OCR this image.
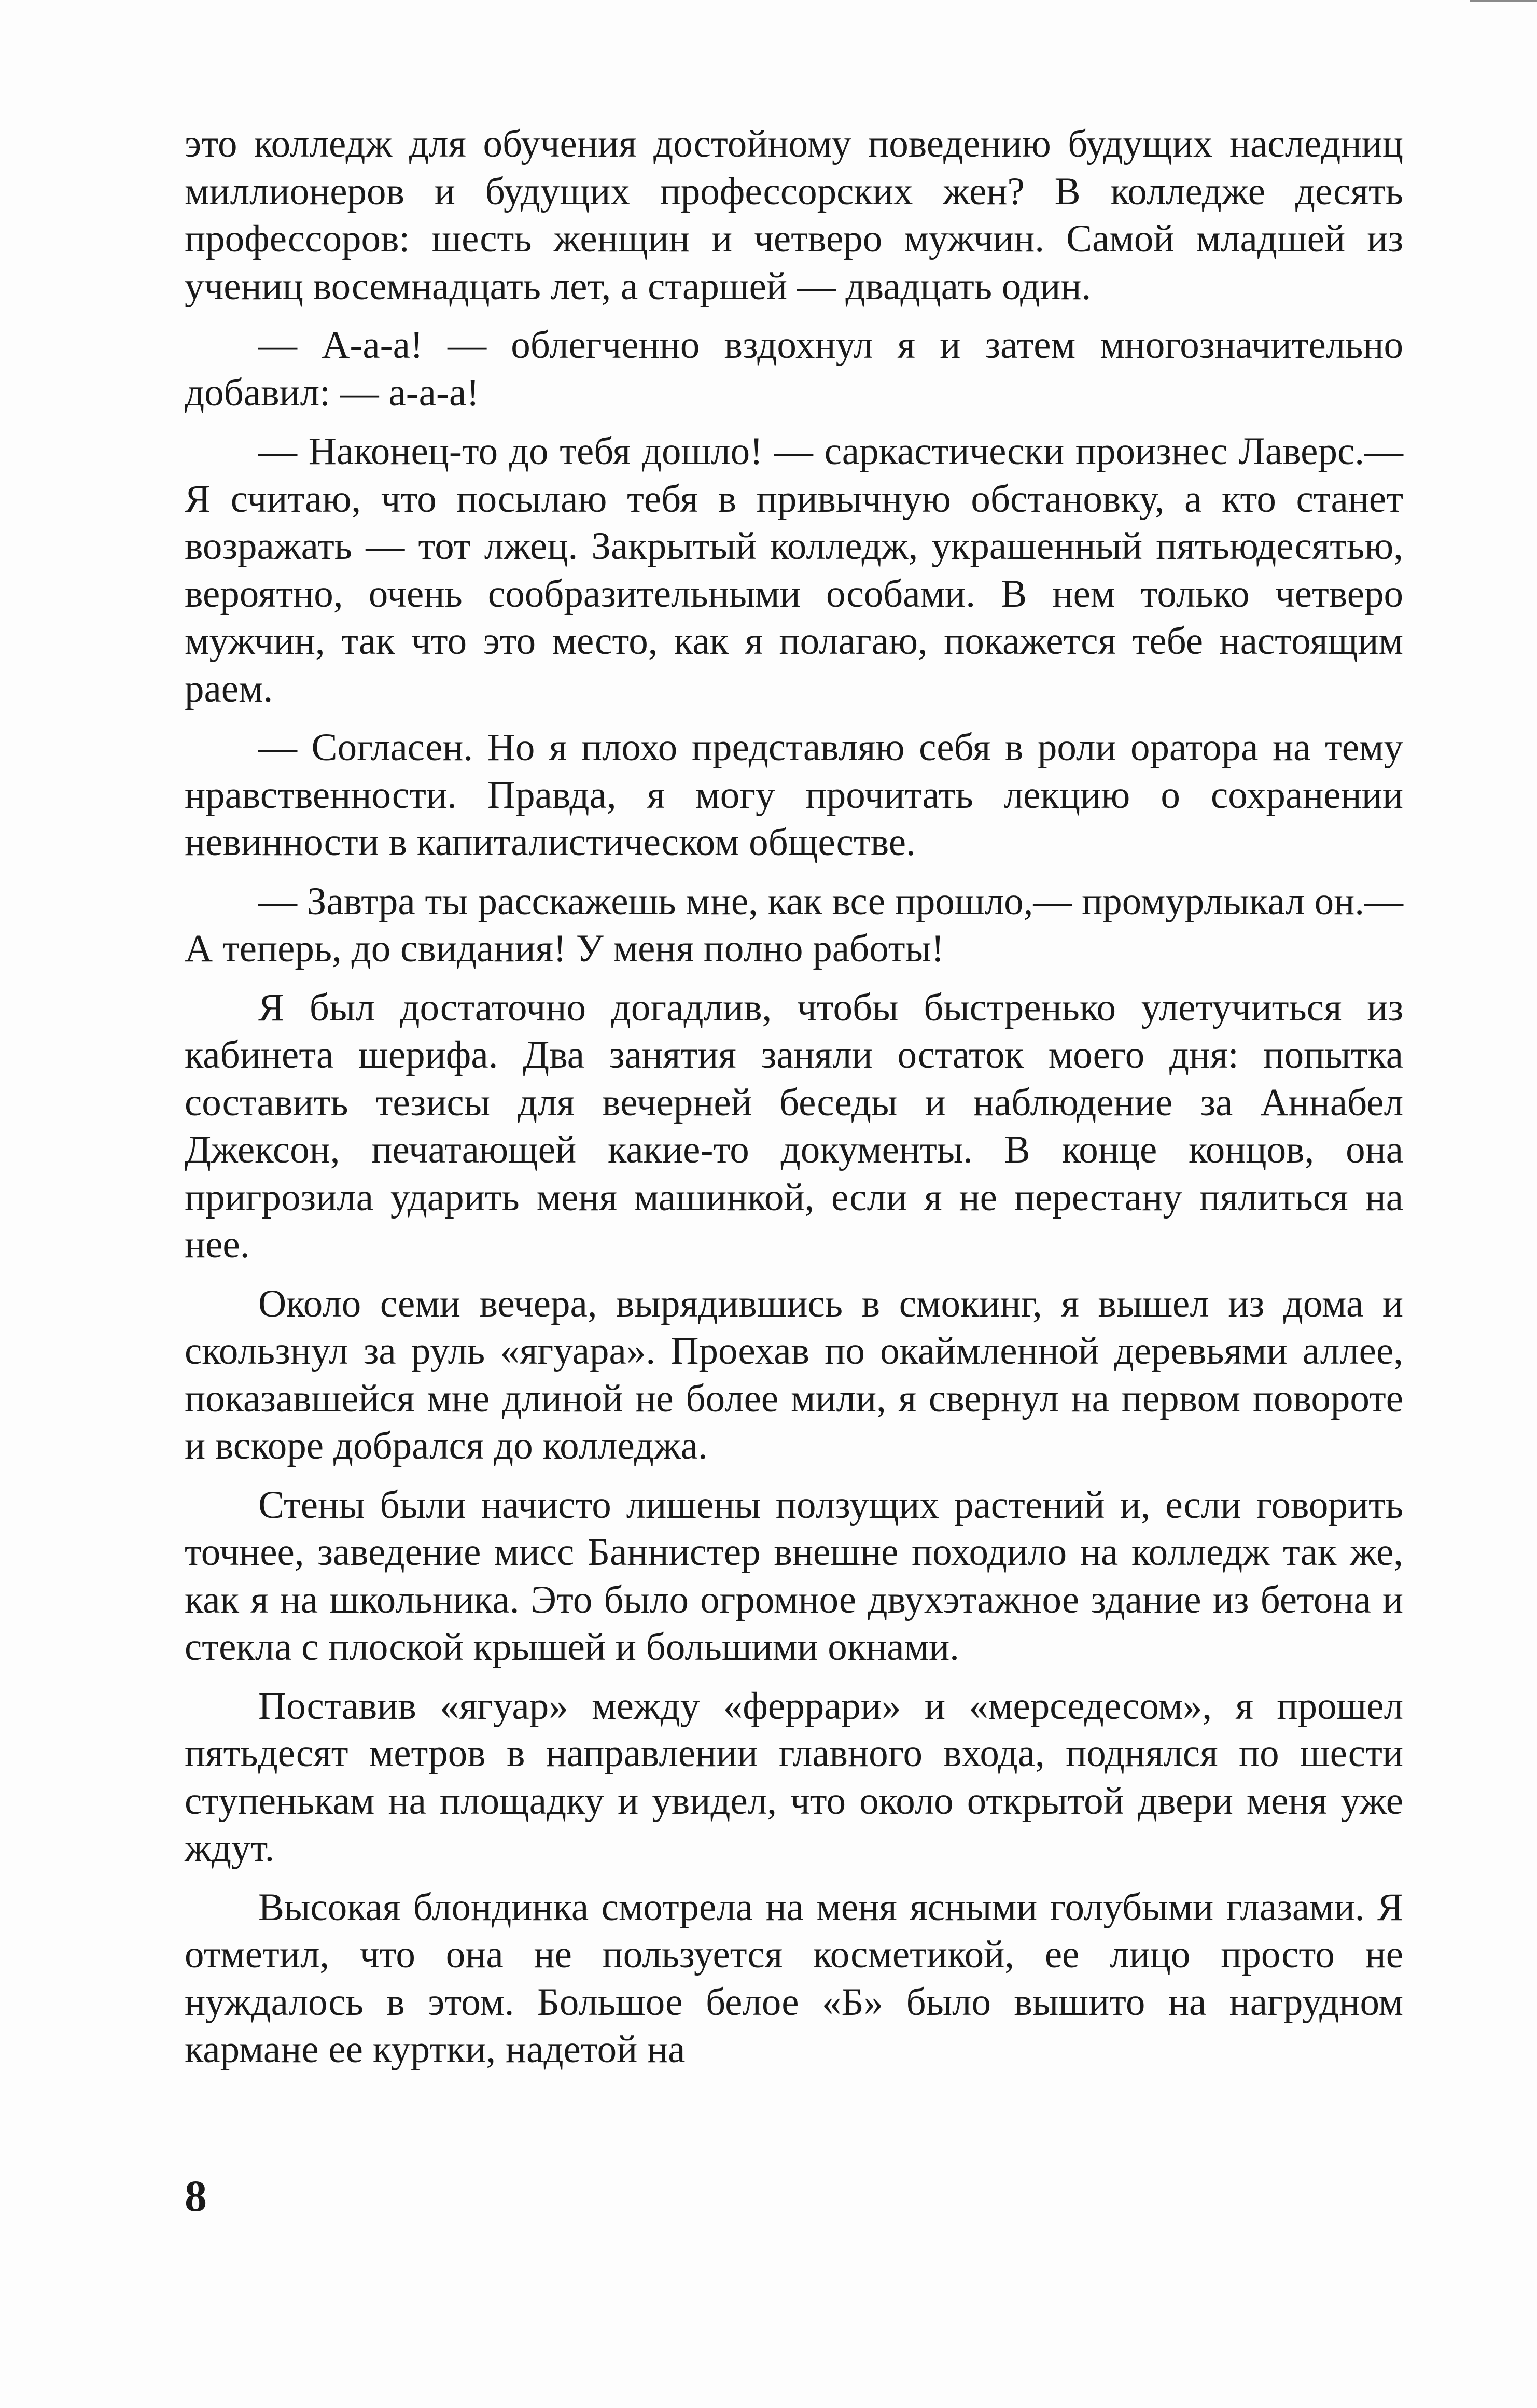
это колледж для обучения достойному поведению будущих наследниц миллионеров и будущих профессорских жен? В колледже десять профессоров: шесть женщин и четверо мужчин. Самой младшей из учениц восемнадцать лет, а старшей — двадцать один.

— А-а-а! — облегченно вздохнул я и затем многозначительно добавил: — а-а-а!

— Наконец-то до тебя дошло! — саркастически произнес Лаверс.— Я считаю, что посылаю тебя в привычную обстановку, а кто станет возражать — тот лжец. Закрытый колледж, украшенный пятьюдесятью, вероятно, очень сообразительными особами. В нем только четверо мужчин, так что это место, как я полагаю, покажется тебе настоящим раем.

— Согласен. Но я плохо представляю себя в роли оратора на тему нравственности. Правда, я могу прочитать лекцию о сохранении невинности в капиталистическом обществе.

— Завтра ты расскажешь мне, как все прошло,— промурлыкал он.— А теперь, до свидания! У меня полно работы!

Я был достаточно догадлив, чтобы быстренько улетучиться из кабинета шерифа. Два занятия заняли остаток моего дня: попытка составить тезисы для вечерней беседы и наблюдение за Аннабел Джексон, печатающей какие-то документы. В конце концов, она пригрозила ударить меня машинкой, если я не перестану пялиться на нее.

Около семи вечера, вырядившись в смокинг, я вышел из дома и скользнул за руль «ягуара». Проехав по окаймленной деревьями аллее, показавшейся мне длиной не более мили, я свернул на первом повороте и вскоре добрался до колледжа.

Стены были начисто лишены ползущих растений и, если говорить точнее, заведение мисс Баннистер внешне походило на колледж так же, как я на школьника. Это было огромное двухэтажное здание из бетона и стекла с плоской крышей и большими окнами.

Поставив «ягуар» между «феррари» и «мерседесом», я прошел пятьдесят метров в направлении главного входа, поднялся по шести ступенькам на площадку и увидел, что около открытой двери меня уже ждут.

Высокая блондинка смотрела на меня ясными голубыми глазами. Я отметил, что она не пользуется косметикой, ее лицо просто не нуждалось в этом. Большое белое «Б» было вышито на нагрудном кармане ее куртки, надетой на

8
